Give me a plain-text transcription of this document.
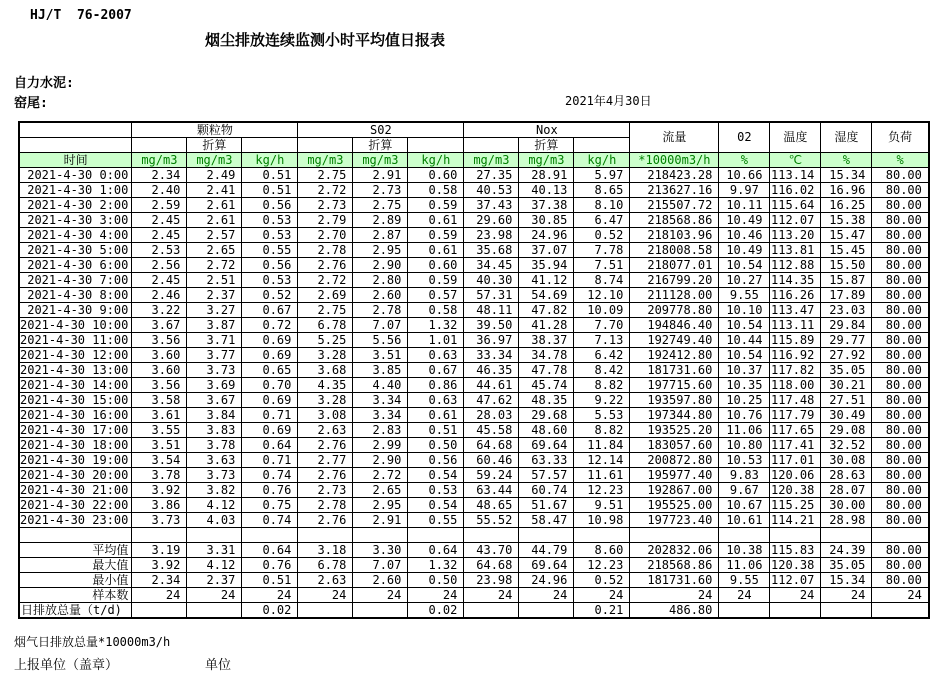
HJ/T  76-2007
烟尘排放连续监测小时平均值日报表
自力水泥:
窑尾:	2021年4月30日
	颗粒物			S02			Nox			流量	02	温度	湿度	负荷
		折算			折算			折算						
时间	mg/m3	mg/m3	kg/h	mg/m3	mg/m3	kg/h	mg/m3	mg/m3	kg/h	*10000m3/h	%	℃	%	%
2021-4-30 0:00	2.34	2.49	0.51	2.75	2.91	0.60	27.35	28.91	5.97	218423.28	10.66	113.14	15.34	80.00
2021-4-30 1:00	2.40	2.41	0.51	2.72	2.73	0.58	40.53	40.13	8.65	213627.16	9.97	116.02	16.96	80.00
2021-4-30 2:00	2.59	2.61	0.56	2.73	2.75	0.59	37.43	37.38	8.10	215507.72	10.11	115.64	16.25	80.00
2021-4-30 3:00	2.45	2.61	0.53	2.79	2.89	0.61	29.60	30.85	6.47	218568.86	10.49	112.07	15.38	80.00
2021-4-30 4:00	2.45	2.57	0.53	2.70	2.87	0.59	23.98	24.96	0.52	218103.96	10.46	113.20	15.47	80.00
2021-4-30 5:00	2.53	2.65	0.55	2.78	2.95	0.61	35.68	37.07	7.78	218008.58	10.49	113.81	15.45	80.00
2021-4-30 6:00	2.56	2.72	0.56	2.76	2.90	0.60	34.45	35.94	7.51	218077.01	10.54	112.88	15.50	80.00
2021-4-30 7:00	2.45	2.51	0.53	2.72	2.80	0.59	40.30	41.12	8.74	216799.20	10.27	114.35	15.87	80.00
2021-4-30 8:00	2.46	2.37	0.52	2.69	2.60	0.57	57.31	54.69	12.10	211128.00	9.55	116.26	17.89	80.00
2021-4-30 9:00	3.22	3.27	0.67	2.75	2.78	0.58	48.11	47.82	10.09	209778.80	10.10	113.47	23.03	80.00
2021-4-30 10:00	3.67	3.87	0.72	6.78	7.07	1.32	39.50	41.28	7.70	194846.40	10.54	113.11	29.84	80.00
2021-4-30 11:00	3.56	3.71	0.69	5.25	5.56	1.01	36.97	38.37	7.13	192749.40	10.44	115.89	29.77	80.00
2021-4-30 12:00	3.60	3.77	0.69	3.28	3.51	0.63	33.34	34.78	6.42	192412.80	10.54	116.92	27.92	80.00
2021-4-30 13:00	3.60	3.73	0.65	3.68	3.85	0.67	46.35	47.78	8.42	181731.60	10.37	117.82	35.05	80.00
2021-4-30 14:00	3.56	3.69	0.70	4.35	4.40	0.86	44.61	45.74	8.82	197715.60	10.35	118.00	30.21	80.00
2021-4-30 15:00	3.58	3.67	0.69	3.28	3.34	0.63	47.62	48.35	9.22	193597.80	10.25	117.48	27.51	80.00
2021-4-30 16:00	3.61	3.84	0.71	3.08	3.34	0.61	28.03	29.68	5.53	197344.80	10.76	117.79	30.49	80.00
2021-4-30 17:00	3.55	3.83	0.69	2.63	2.83	0.51	45.58	48.60	8.82	193525.20	11.06	117.65	29.08	80.00
2021-4-30 18:00	3.51	3.78	0.64	2.76	2.99	0.50	64.68	69.64	11.84	183057.60	10.80	117.41	32.52	80.00
2021-4-30 19:00	3.54	3.63	0.71	2.77	2.90	0.56	60.46	63.33	12.14	200872.80	10.53	117.01	30.08	80.00
2021-4-30 20:00	3.78	3.73	0.74	2.76	2.72	0.54	59.24	57.57	11.61	195977.40	9.83	120.06	28.63	80.00
2021-4-30 21:00	3.92	3.82	0.76	2.73	2.65	0.53	63.44	60.74	12.23	192867.00	9.67	120.38	28.07	80.00
2021-4-30 22:00	3.86	4.12	0.75	2.78	2.95	0.54	48.65	51.67	9.51	195525.00	10.67	115.25	30.00	80.00
2021-4-30 23:00	3.73	4.03	0.74	2.76	2.91	0.55	55.52	58.47	10.98	197723.40	10.61	114.21	28.98	80.00

平均值	3.19	3.31	0.64	3.18	3.30	0.64	43.70	44.79	8.60	202832.06	10.38	115.83	24.39	80.00
最大值	3.92	4.12	0.76	6.78	7.07	1.32	64.68	69.64	12.23	218568.86	11.06	120.38	35.05	80.00
最小值	2.34	2.37	0.51	2.63	2.60	0.50	23.98	24.96	0.52	181731.60	9.55	112.07	15.34	80.00
样本数	24	24	24	24	24	24	24	24	24	24	24	24	24	24
日排放总量（t/d)			0.02			0.02			0.21	486.80				
烟气日排放总量*10000m3/h
上报单位（盖章）	单位
